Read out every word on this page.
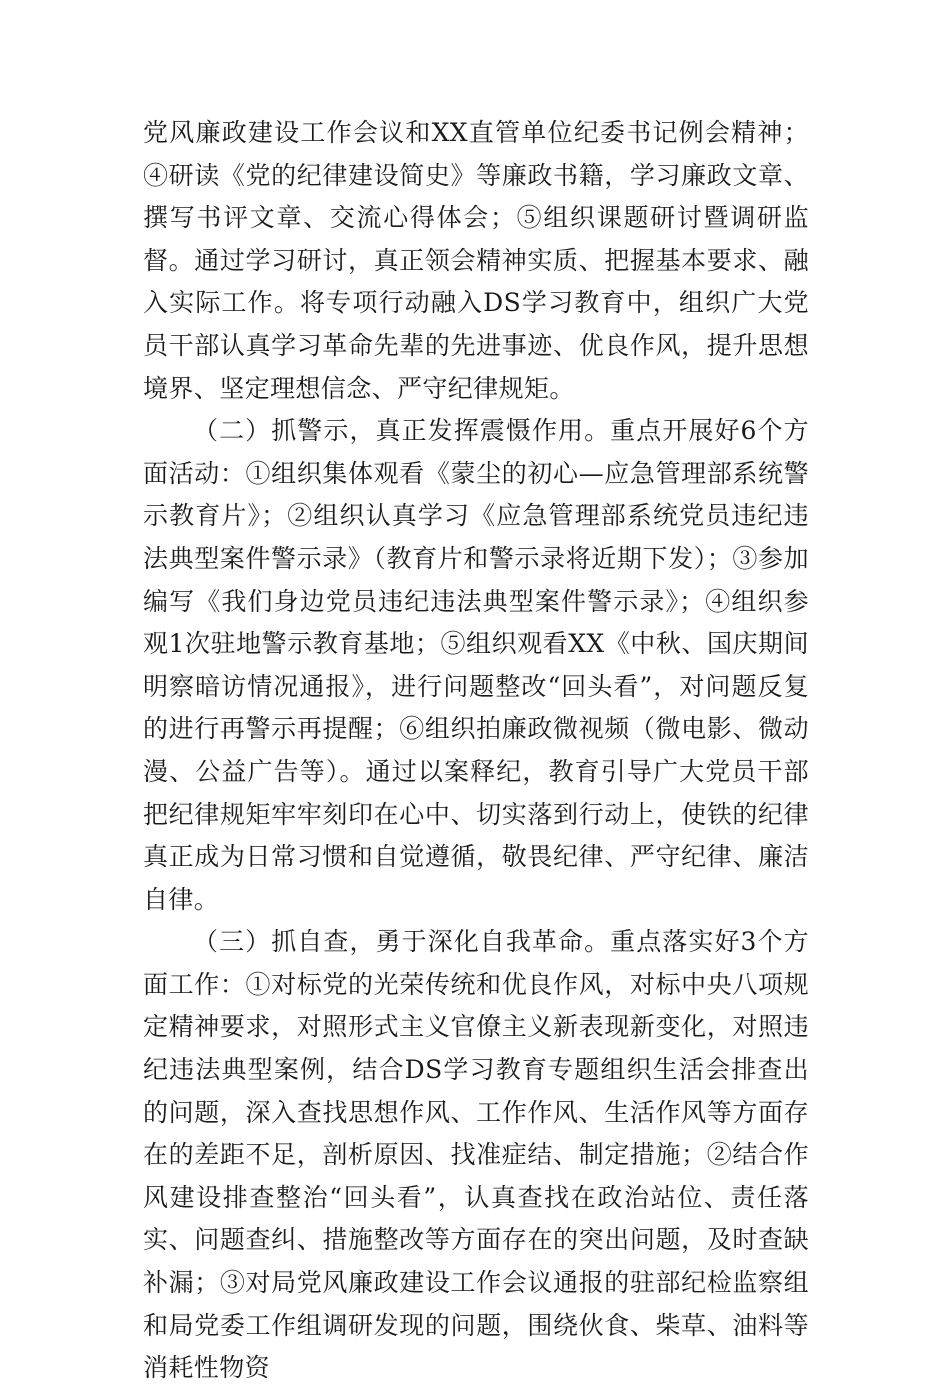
党风廉政建设工作会议和XX直管单位纪委书记例会精神；④研读《党的纪律建设简史》等廉政书籍，学习廉政文章、撰写书评文章、交流心得体会；⑤组织课题研讨暨调研监督。通过学习研讨，真正领会精神实质、把握基本要求、融入实际工作。将专项行动融入DS学习教育中，组织广大党员干部认真学习革命先辈的先进事迹、优良作风，提升思想境界、坚定理想信念、严守纪律规矩。

（二）抓警示，真正发挥震慑作用。重点开展好6个方面活动：①组织集体观看《蒙尘的初心—应急管理部系统警示教育片》；②组织认真学习《应急管理部系统党员违纪违法典型案件警示录》（教育片和警示录将近期下发）；③参加编写《我们身边党员违纪违法典型案件警示录》；④组织参观1次驻地警示教育基地；⑤组织观看XX《中秋、国庆期间明察暗访情况通报》，进行问题整改“回头看”，对问题反复的进行再警示再提醒；⑥组织拍廉政微视频（微电影、微动漫、公益广告等）。通过以案释纪，教育引导广大党员干部把纪律规矩牢牢刻印在心中、切实落到行动上，使铁的纪律真正成为日常习惯和自觉遵循，敬畏纪律、严守纪律、廉洁自律。

（三）抓自查，勇于深化自我革命。重点落实好3个方面工作：①对标党的光荣传统和优良作风，对标中央八项规定精神要求，对照形式主义官僚主义新表现新变化，对照违纪违法典型案例，结合DS学习教育专题组织生活会排查出的问题，深入查找思想作风、工作作风、生活作风等方面存在的差距不足，剖析原因、找准症结、制定措施；②结合作风建设排查整治“回头看”，认真查找在政治站位、责任落实、问题查纠、措施整改等方面存在的突出问题，及时查缺补漏；③对局党风廉政建设工作会议通报的驻部纪检监察组和局党委工作组调研发现的问题，围绕伙食、柴草、油料等消耗性物资
